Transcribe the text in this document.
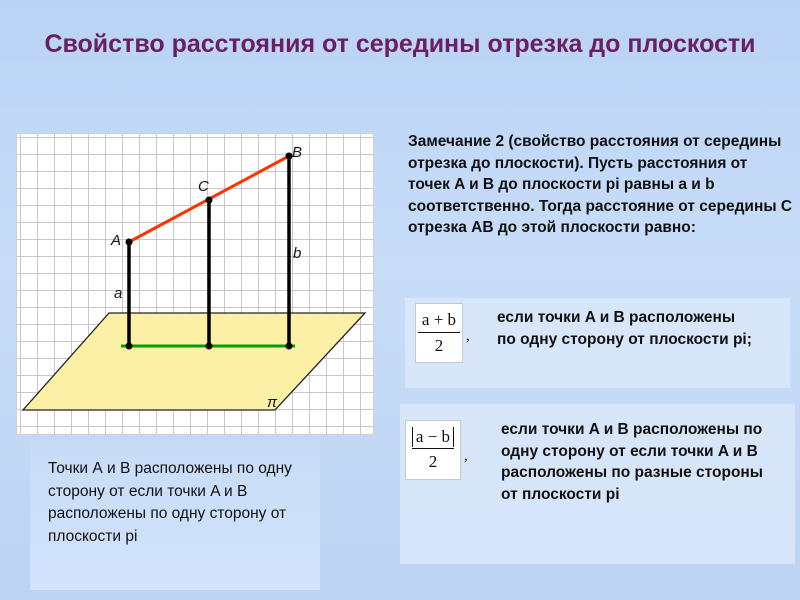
Свойство расстояния от середины отрезка до плоскости
A
C
B
a
b
π
Замечание 2 (свойство расстояния от середины отрезка до плоскости). Пусть расстояния от точек A и B до плоскости pi равны a и b соответственно. Тогда расстояние от середины C отрезка AB до этой плоскости равно:
$\frac{a + b}{2}$ ,
если точки A и B расположены по одну сторону от плоскости pi;
a − b
2 ,
если точки A и B расположены по одну сторону от если точки A и B расположены по разные стороны от плоскости pi
Точки А и В расположены по одну сторону от если точки A и B расположены по одну сторону от плоскости pi
